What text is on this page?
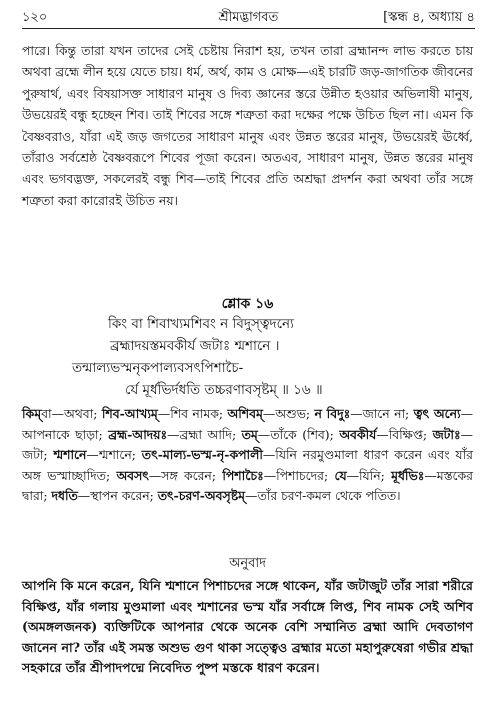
১২০	শ্রীমদ্ভাগবত	[স্কন্ধ ৪, অধ্যায় ৪

পারে। কিন্তু তারা যখন তাদের সেই চেষ্টায় নিরাশ হয়, তখন তারা ব্রহ্মানন্দ লাভ করতে চায় অথবা ব্রহ্মে লীন হয়ে যেতে চায়। ধর্ম, অর্থ, কাম ও মোক্ষ—এই চারটি জড়-জাগতিক জীবনের পুরুষার্থ, এবং বিষয়াসক্ত সাধারণ মানুষ ও দিব্য জ্ঞানের স্তরে উন্নীত হওয়ার অভিলাষী মানুষ, উভয়েরই বন্ধু হচ্ছেন শিব। তাই শিবের সঙ্গে শত্রুতা করা দক্ষের পক্ষে উচিত ছিল না। এমন কি বৈষ্ণবরাও, যাঁরা এই জড় জগতের সাধারণ মানুষ এবং উন্নত স্তরের মানুষ, উভয়েরই ঊর্ধ্বে, তাঁরাও সর্বশ্রেষ্ঠ বৈষ্ণবরূপে শিবের পূজা করেন। অতএব, সাধারণ মানুষ, উন্নত স্তরের মানুষ এবং ভগবদ্ভক্ত, সকলেরই বন্ধু শিব—তাই শিবের প্রতি অশ্রদ্ধা প্রদর্শন করা অথবা তাঁর সঙ্গে শত্রুতা করা কারোরই উচিত নয়।

শ্লোক ১৬
কিং বা শিবাখ্যমশিবং ন বিদুস্ত্বদন্যে
ব্রহ্মাদয়স্তমবকীর্য জটাঃ শ্মশানে ।
তন্মাল্যভস্মনৃকপাল্যবসৎপিশাচৈ-
র্যে মূর্ধভির্দধতি তচ্চরণাবসৃষ্টম্ ॥ ১৬ ॥
কিম্বা—অথবা; শিব-আখ্যম্—শিব নামক; অশিবম্—অশুভ; ন বিদুঃ—জানে না; ত্বৎ অন্যে—আপনাকে ছাড়া; ব্রহ্ম-আদয়ঃ—ব্রহ্মা আদি; তম্—তাঁকে (শিব); অবকীর্য—বিক্ষিপ্ত; জটাঃ—জটা; শ্মশানে—শ্মশানে; তৎ-মাল্য-ভস্ম-নৃ-কপালী—যিনি নরমুণ্ডমালা ধারণ করেন এবং যাঁর অঙ্গ ভস্মাচ্ছাদিত; অবসৎ—সঙ্গ করেন; পিশাচৈঃ—পিশাচদের; যে—যিনি; মূর্ধভিঃ—মস্তকের দ্বারা; দধতি—স্থাপন করেন; তৎ-চরণ-অবসৃষ্টম্—তাঁর চরণ-কমল থেকে পতিত।
অনুবাদ
আপনি কি মনে করেন, যিনি শ্মশানে পিশাচদের সঙ্গে থাকেন, যাঁর জটাজুট তাঁর সারা শরীরে বিক্ষিপ্ত, যাঁর গলায় মুণ্ডমালা এবং শ্মশানের ভস্ম যাঁর সর্বাঙ্গে লিপ্ত, শিব নামক সেই অশিব (অমঙ্গলজনক) ব্যক্তিটিকে আপনার থেকে অনেক বেশি সম্মানিত ব্রহ্মা আদি দেবতাগণ জানেন না? তাঁর এই সমস্ত অশুভ গুণ থাকা সত্ত্বেও ব্রহ্মার মতো মহাপুরুষেরা গভীর শ্রদ্ধা সহকারে তাঁর শ্রীপাদপদ্মে নিবেদিত পুষ্প মস্তকে ধারণ করেন।
